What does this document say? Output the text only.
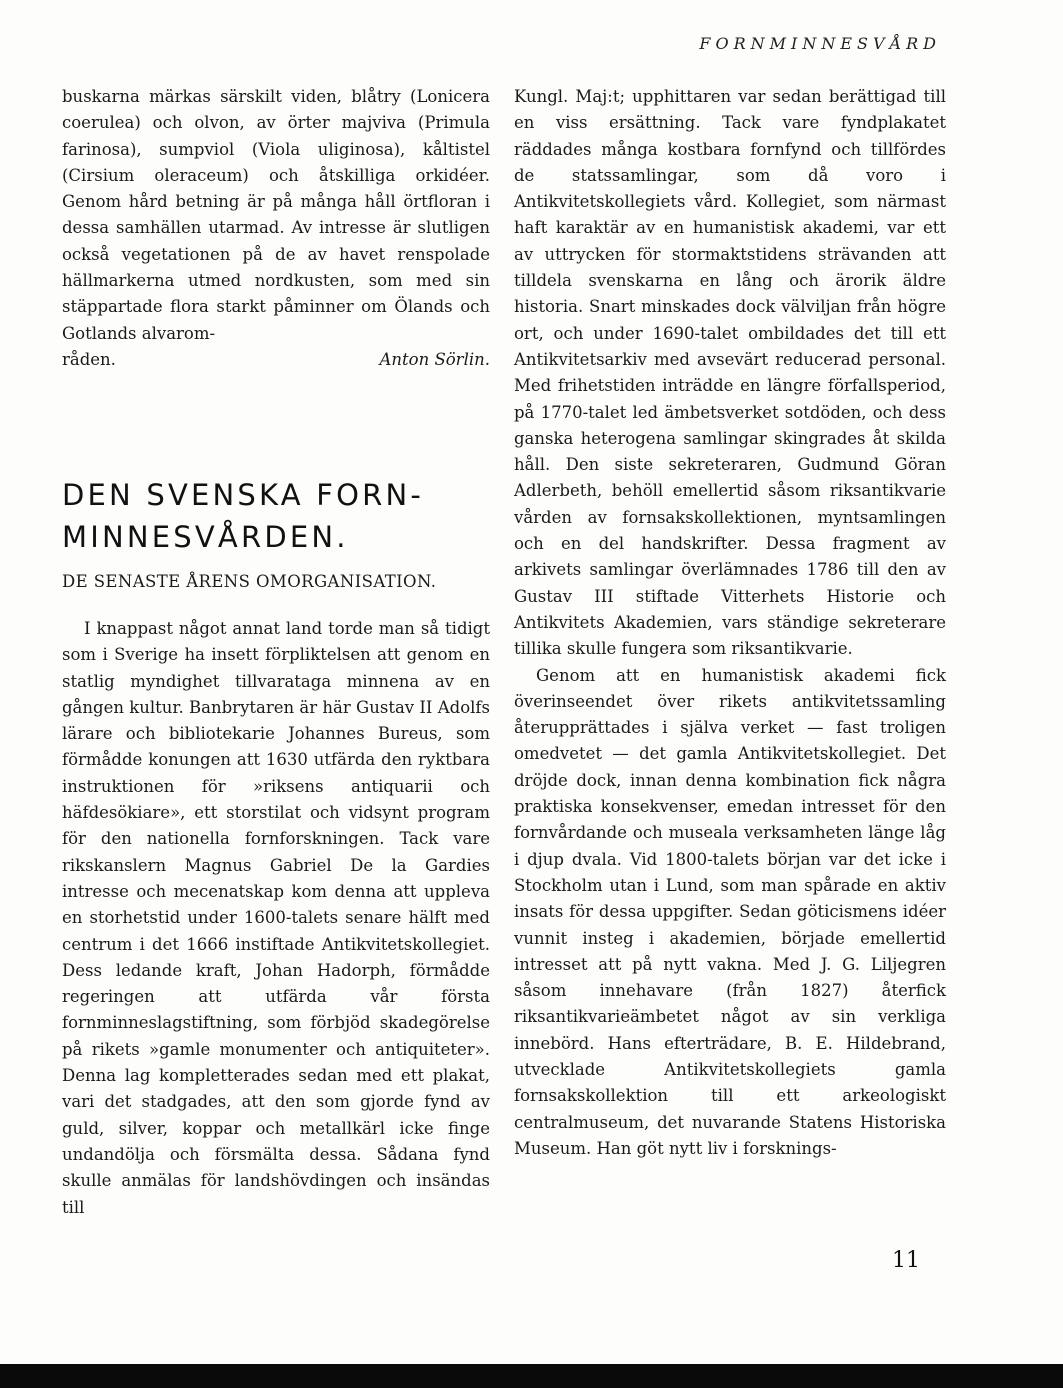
FORNMINNESVÅRD

buskarna märkas särskilt viden, blåtry (Lonicera coerulea) och olvon, av örter majviva (Primula farinosa), sumpviol (Viola uliginosa), kåltistel (Cirsium oleraceum) och åtskilliga orkidéer. Genom hård betning är på många håll örtfloran i dessa samhällen utarmad. Av intresse är slutligen också vegetationen på de av havet renspolade hällmarkerna utmed nordkusten, som med sin stäppartade flora starkt påminner om Ölands och Gotlands alvarom-

råden.	Anton Sörlin.
DEN SVENSKA FORN-MINNESVÅRDEN.

DE SENASTE ÅRENS OMORGANISATION.

I knappast något annat land torde man så tidigt som i Sverige ha insett förpliktelsen att genom en statlig myndighet tillvaratаga minnena av en gången kultur. Banbrytaren är här Gustav II Adolfs lärare och bibliotekarie Johannes Bureus, som förmådde konungen att 1630 utfärda den ryktbara instruktionen för »riksens antiquarii och häfdesökiare», ett storstilat och vidsynt program för den nationella fornforskningen. Tack vare rikskanslern Magnus Gabriel De la Gardies intresse och mecenatskap kom denna att uppleva en storhetstid under 1600-talets senare hälft med centrum i det 1666 instiftade Antikvitetskollegiet. Dess ledande kraft, Johan Hadorph, förmådde regeringen att utfärda vår första fornminneslagstiftning, som förbjöd skadegörelse på rikets »gamle monumenter och antiquiteter». Denna lag kompletterades sedan med ett plakat, vari det stadgades, att den som gjorde fynd av guld, silver, koppar och metallkärl icke finge undandölja och försmälta dessa. Sådana fynd skulle anmälas för landshövdingen och insändas till

Kungl. Maj:t; upphittaren var sedan berättigad till en viss ersättning. Tack vare fyndplakatet räddades många kostbara fornfynd och tillfördes de statssamlingar, som då voro i Antikvitetskollegiets vård. Kollegiet, som närmast haft karaktär av en humanistisk akademi, var ett av uttrycken för stormaktstidens strävanden att tilldela svenskarna en lång och ärorik äldre historia. Snart minskades dock välviljan från högre ort, och under 1690-talet ombildades det till ett Antikvitetsarkiv med avsevärt reducerad personal. Med frihetstiden inträdde en längre förfallsperiod, på 1770-talet led ämbetsverket sotdöden, och dess ganska heterogena samlingar skingrades åt skilda håll. Den siste sekreteraren, Gudmund Göran Adlerbeth, behöll emellertid såsom riksantikvarie vården av fornsakskollektionen, myntsamlingen och en del handskrifter. Dessa fragment av arkivets samlingar överlämnades 1786 till den av Gustav III stiftade Vitterhets Historie och Antikvitets Akademien, vars ständige sekreterare tillika skulle fungera som riksantikvarie.

Genom att en humanistisk akademi fick överinseendet över rikets antikvitetssamling återupprättades i själva verket — fast troligen omedvetet — det gamla Antikvitetskollegiet. Det dröjde dock, innan denna kombination fick några praktiska konsekvenser, emedan intresset för den fornvårdande och museala verksamheten länge låg i djup dvala. Vid 1800-talets början var det icke i Stockholm utan i Lund, som man spårade en aktiv insats för dessa uppgifter. Sedan göticismens idéer vunnit insteg i akademien, började emellertid intresset att på nytt vakna. Med J. G. Liljegren såsom innehavare (från 1827) återfick riksantikvarieämbetet något av sin verkliga innebörd. Hans efterträdare, B. E. Hildebrand, utvecklade Antikvitetskollegiets gamla fornsakskollektion till ett arkeologiskt centralmuseum, det nuvarande Statens Historiska Museum. Han göt nytt liv i forsknings-

11
